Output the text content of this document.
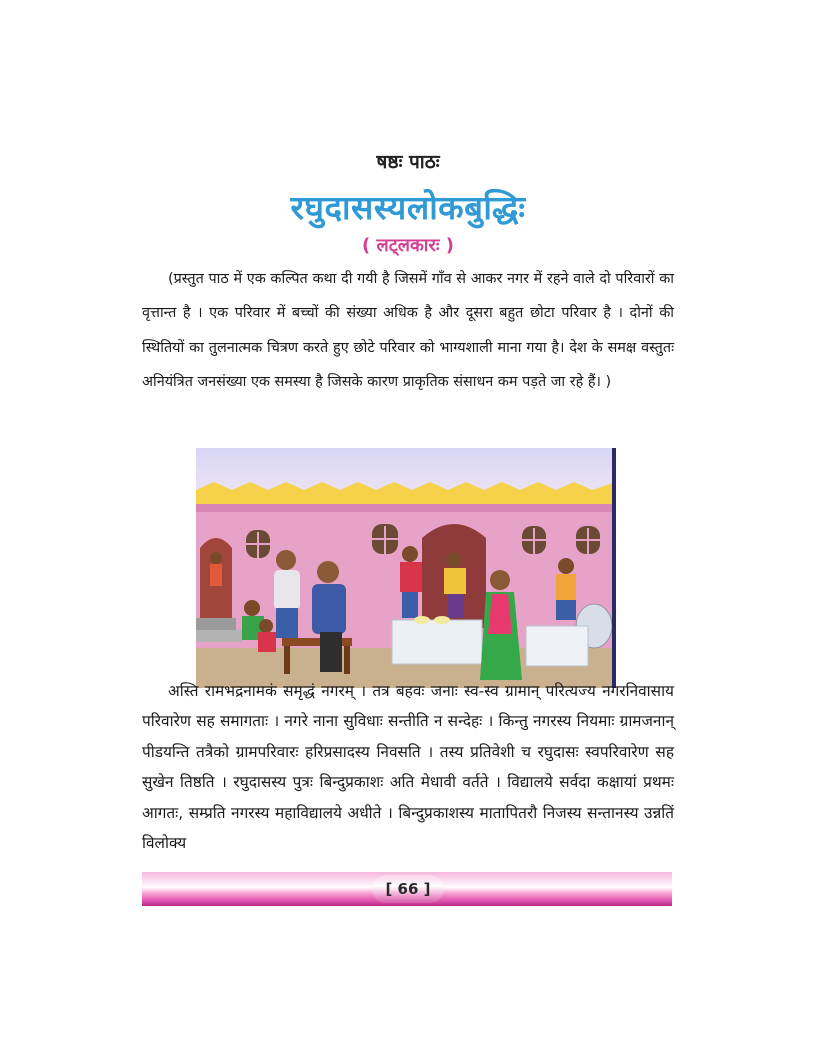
षष्ठः पाठः
रघुदासस्यलोकबुद्धिः
( लट्लकारः )

(प्रस्तुत पाठ में एक कल्पित कथा दी गयी है जिसमें गाँव से आकर नगर में रहने वाले दो परिवारों का वृत्तान्त है । एक परिवार में बच्चों की संख्या अधिक है और दूसरा बहुत छोटा परिवार है । दोनों की स्थितियों का तुलनात्मक चित्रण करते हुए छोटे परिवार को भाग्यशाली माना गया है। देश के समक्ष वस्तुतः अनियंत्रित जनसंख्या एक समस्या है जिसके कारण प्राकृतिक संसाधन कम पड़ते जा रहे हैं। )

अस्ति रामभद्रनामकं समृद्धं नगरम् । तत्र बहवः जनाः स्व-स्व ग्रामान् परित्यज्य नगरनिवासाय परिवारेण सह समागताः । नगरे नाना सुविधाः सन्तीति न सन्देहः । किन्तु नगरस्य नियमाः ग्रामजनान् पीडयन्ति तत्रैको ग्रामपरिवारः हरिप्रसादस्य निवसति । तस्य प्रतिवेशी च रघुदासः स्वपरिवारेण सह सुखेन तिष्ठति । रघुदासस्य पुत्रः बिन्दुप्रकाशः अति मेधावी वर्तते । विद्यालये सर्वदा कक्षायां प्रथमः आगतः, सम्प्रति नगरस्य महाविद्यालये अधीते । बिन्दुप्रकाशस्य मातापितरौ निजस्य सन्तानस्य उन्नतिं विलोक्य

[ 66 ]
